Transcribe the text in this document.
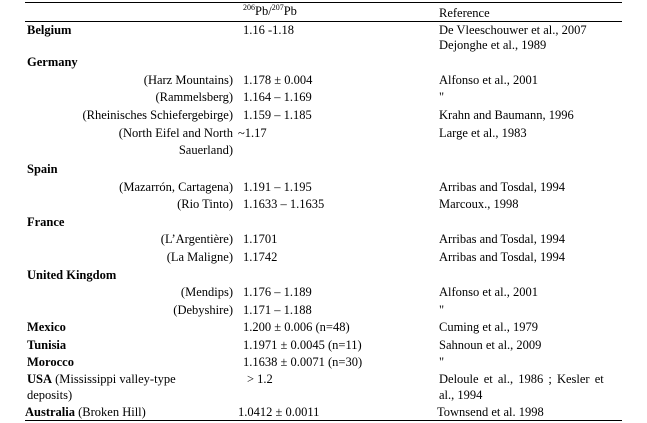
$^{206}$Pb/$^{207}$Pb	Reference
Belgium	1.16 -1.18	De Vleeschouwer et al., 2007
Dejonghe et al., 1989
Germany
(Harz Mountains) 1.178 ± 0.004	Alfonso et al., 2001
(Rammelsberg) 1.164 – 1.169	"
(Rheinisches Schiefergebirge) 1.159 – 1.185	Krahn and Baumann, 1996
(North Eifel and North ~1.17	Large et al., 1983
Sauerland)
Spain
(Mazarrón, Cartagena) 1.191 – 1.195	Arribas and Tosdal, 1994
(Rio Tinto) 1.1633 – 1.1635	Marcoux., 1998
France
(L’Argentière) 1.1701	Arribas and Tosdal, 1994
(La Maligne) 1.1742	Arribas and Tosdal, 1994
United Kingdom
(Mendips) 1.176 – 1.189	Alfonso et al., 2001
(Debyshire) 1.171 – 1.188	"
Mexico	1.200 ± 0.006 (n=48)	Cuming et al., 1979
Tunisia	1.1971 ± 0.0045 (n=11)	Sahnoun et al., 2009
Morocco	1.1638 ± 0.0071 (n=30)	"
USA (Mississippi valley-type
deposits)
> 1.2	Deloule et al., 1986 ; Kesler et
al., 1994
Australia (Broken Hill)	1.0412 ± 0.0011	Townsend et al. 1998
